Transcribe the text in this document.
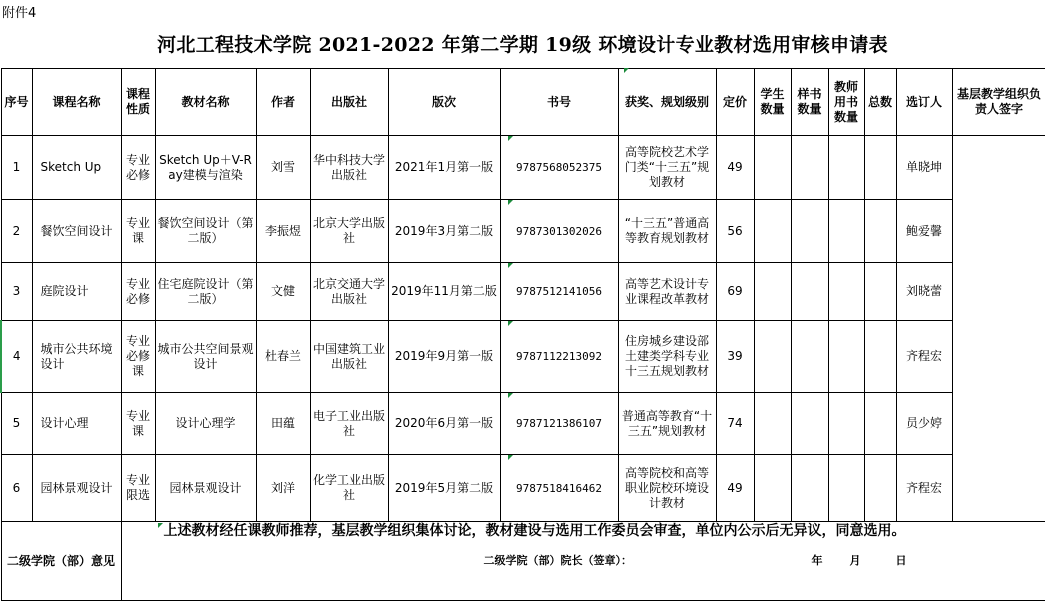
附件4
河北工程技术学院 2021-2022 年第二学期 19级 环境设计专业教材选用审核申请表
序号	课程名称	课程性质	教材名称	作者	出版社	版次	书号	获奖、规划级别	定价	学生数量	样书数量	教师用书数量	总数	选订人	基层教学组织负责人签字
1	Sketch Up	专业必修	Sketch Up＋V-Ray建模与渲染	刘雪	华中科技大学出版社	2021年1月第一版	9787568052375	高等院校艺术学门类“十三五”规划教材	49					单晓坤	
2	餐饮空间设计	专业课	餐饮空间设计（第二版）	李振煜	北京大学出版社	2019年3月第二版	9787301302026	“十三五”普通高等教育规划教材	56					鲍爱馨	
3	庭院设计	专业必修	住宅庭院设计（第二版）	文健	北京交通大学出版社	2019年11月第二版	9787512141056	高等艺术设计专业课程改革教材	69					刘晓蕾	
4	城市公共环境设计	专业必修课	城市公共空间景观设计	杜春兰	中国建筑工业出版社	2019年9月第一版	9787112213092	住房城乡建设部土建类学科专业十三五规划教材	39					齐程宏	
5	设计心理	专业课	设计心理学	田蕴	电子工业出版社	2020年6月第一版	9787121386107	普通高等教育“十三五”规划教材	74					员少婷	
6	园林景观设计	专业限选	园林景观设计	刘洋	化学工业出版社	2019年5月第二版	9787518416462	高等院校和高等职业院校环境设计教材	49					齐程宏	
二级学院（部）意见		上述教材经任课教师推荐，基层教学组织集体讨论，教材建设与选用工作委员会审查，单位内公示后无异议，同意选用。
二级学院（部）院长（签章）： 年 月 日													
